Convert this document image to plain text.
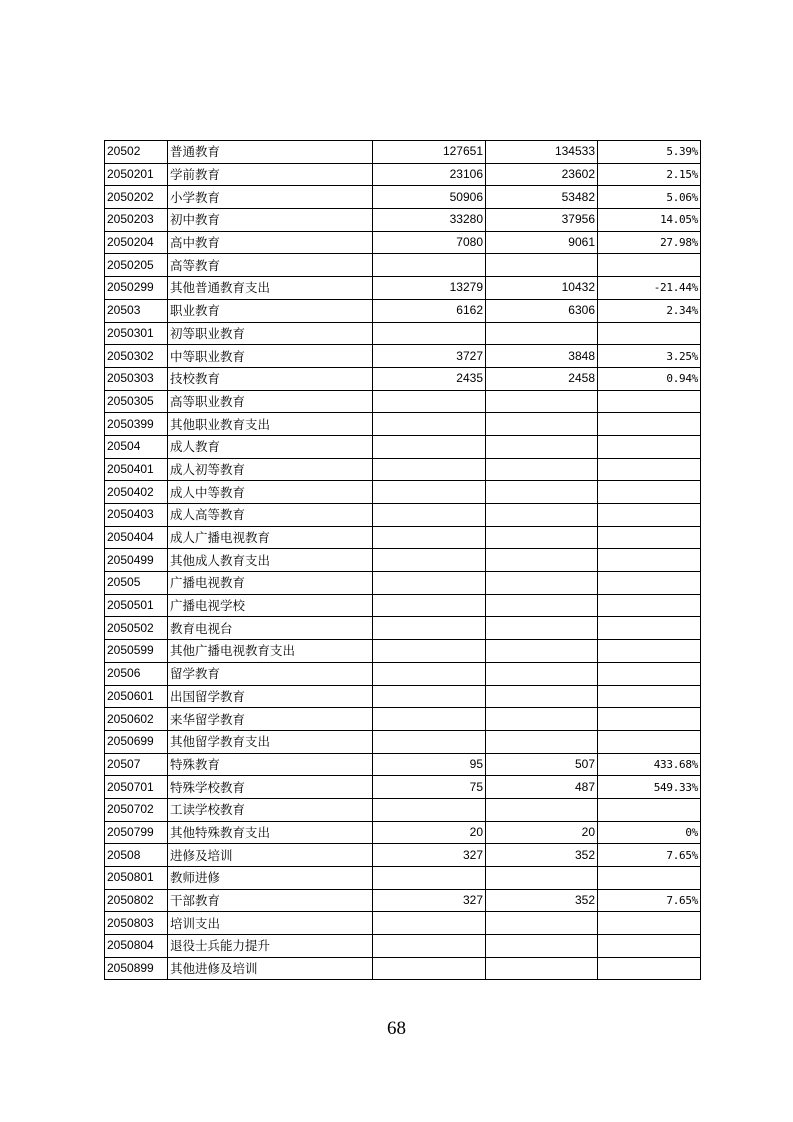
20502	普通教育	127651	134533	5.39%
2050201	学前教育	23106	23602	2.15%
2050202	小学教育	50906	53482	5.06%
2050203	初中教育	33280	37956	14.05%
2050204	高中教育	7080	9061	27.98%
2050205	高等教育			
2050299	其他普通教育支出	13279	10432	-21.44%
20503	职业教育	6162	6306	2.34%
2050301	初等职业教育			
2050302	中等职业教育	3727	3848	3.25%
2050303	技校教育	2435	2458	0.94%
2050305	高等职业教育			
2050399	其他职业教育支出			
20504	成人教育			
2050401	成人初等教育			
2050402	成人中等教育			
2050403	成人高等教育			
2050404	成人广播电视教育			
2050499	其他成人教育支出			
20505	广播电视教育			
2050501	广播电视学校			
2050502	教育电视台			
2050599	其他广播电视教育支出			
20506	留学教育			
2050601	出国留学教育			
2050602	来华留学教育			
2050699	其他留学教育支出			
20507	特殊教育	95	507	433.68%
2050701	特殊学校教育	75	487	549.33%
2050702	工读学校教育			
2050799	其他特殊教育支出	20	20	0%
20508	进修及培训	327	352	7.65%
2050801	教师进修			
2050802	干部教育	327	352	7.65%
2050803	培训支出			
2050804	退役士兵能力提升			
2050899	其他进修及培训			
68
